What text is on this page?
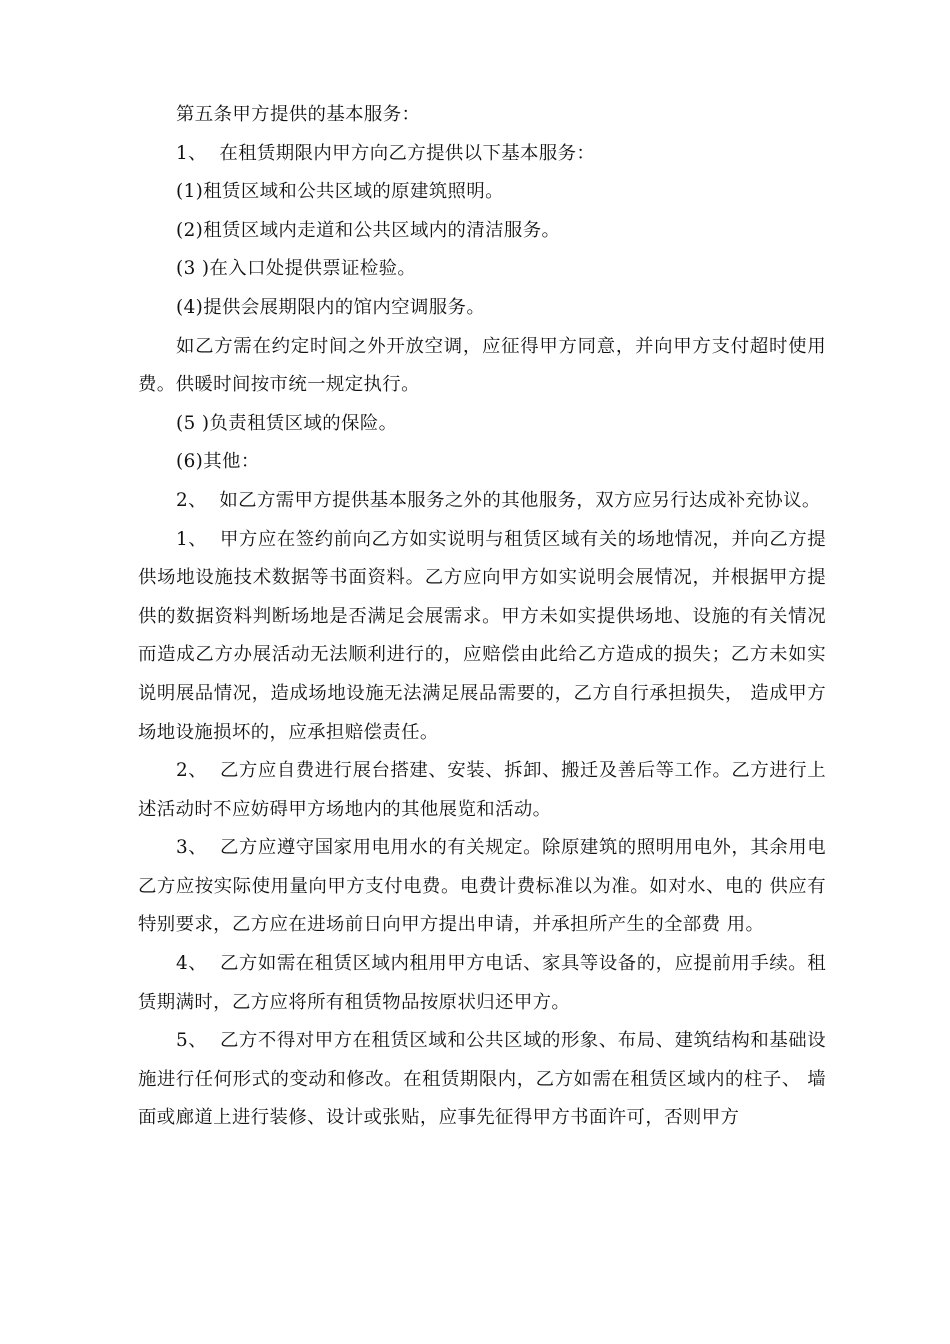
第五条甲方提供的基本服务：

1、  在租赁期限内甲方向乙方提供以下基本服务：

(1)租赁区域和公共区域的原建筑照明。

(2)租赁区域内走道和公共区域内的清洁服务。

(3 )在入口处提供票证检验。

(4)提供会展期限内的馆内空调服务。

如乙方需在约定时间之外开放空调，应征得甲方同意，并向甲方支付超时使用费。供暖时间按市统一规定执行。

(5 )负责租赁区域的保险。

(6)其他：

2、  如乙方需甲方提供基本服务之外的其他服务，双方应另行达成补充协议。

1、  甲方应在签约前向乙方如实说明与租赁区域有关的场地情况，并向乙方提供场地设施技术数据等书面资料。乙方应向甲方如实说明会展情况，并根据甲方提供的数据资料判断场地是否满足会展需求。甲方未如实提供场地、设施的有关情况而造成乙方办展活动无法顺利进行的，应赔偿由此给乙方造成的损失；乙方未如实说明展品情况，造成场地设施无法满足展品需要的，乙方自行承担损失， 造成甲方场地设施损坏的，应承担赔偿责任。

2、  乙方应自费进行展台搭建、安装、拆卸、搬迁及善后等工作。乙方进行上述活动时不应妨碍甲方场地内的其他展览和活动。

3、  乙方应遵守国家用电用水的有关规定。除原建筑的照明用电外，其余用电乙方应按实际使用量向甲方支付电费。电费计费标准以为准。如对水、电的 供应有特别要求，乙方应在进场前日向甲方提出申请，并承担所产生的全部费 用。

4、  乙方如需在租赁区域内租用甲方电话、家具等设备的，应提前用手续。租赁期满时，乙方应将所有租赁物品按原状归还甲方。

5、  乙方不得对甲方在租赁区域和公共区域的形象、布局、建筑结构和基础设施进行任何形式的变动和修改。在租赁期限内，乙方如需在租赁区域内的柱子、 墙面或廊道上进行装修、设计或张贴，应事先征得甲方书面许可，否则甲方
